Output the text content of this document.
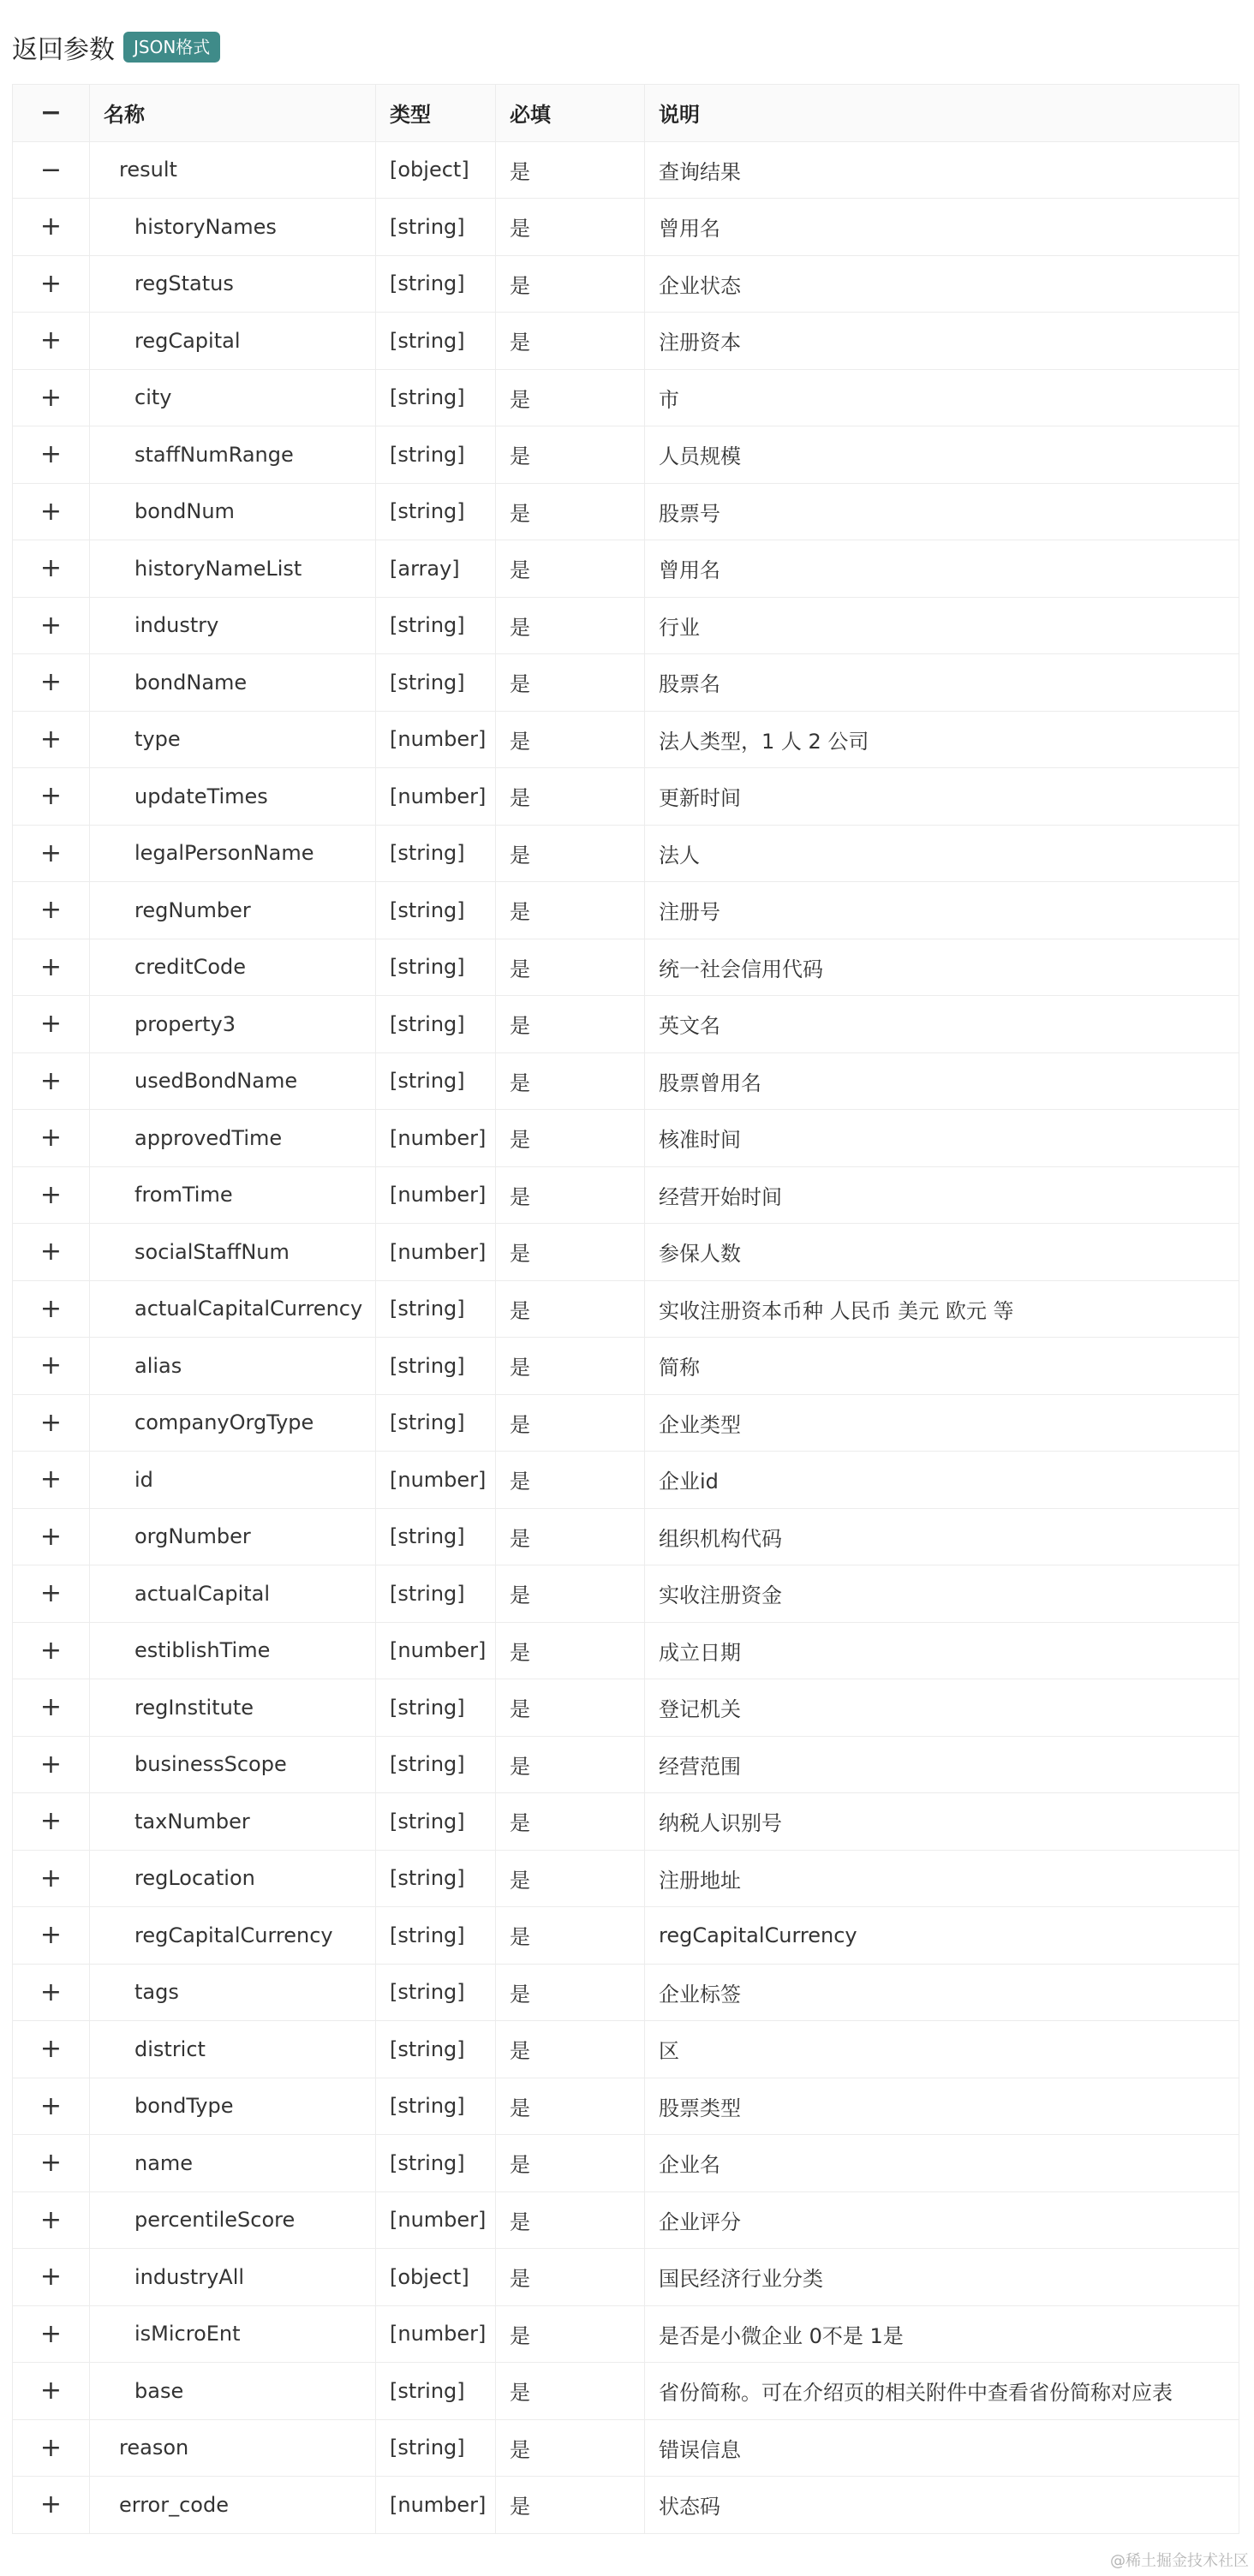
返回参数	JSON格式
−	名称	类型	必填	说明
−	result	[object]	是	查询结果
+	historyNames	[string]	是	曾用名
+	regStatus	[string]	是	企业状态
+	regCapital	[string]	是	注册资本
+	city	[string]	是	市
+	staffNumRange	[string]	是	人员规模
+	bondNum	[string]	是	股票号
+	historyNameList	[array]	是	曾用名
+	industry	[string]	是	行业
+	bondName	[string]	是	股票名
+	type	[number]	是	法人类型，1 人 2 公司
+	updateTimes	[number]	是	更新时间
+	legalPersonName	[string]	是	法人
+	regNumber	[string]	是	注册号
+	creditCode	[string]	是	统一社会信用代码
+	property3	[string]	是	英文名
+	usedBondName	[string]	是	股票曾用名
+	approvedTime	[number]	是	核准时间
+	fromTime	[number]	是	经营开始时间
+	socialStaffNum	[number]	是	参保人数
+	actualCapitalCurrency	[string]	是	实收注册资本币种 人民币 美元 欧元 等
+	alias	[string]	是	简称
+	companyOrgType	[string]	是	企业类型
+	id	[number]	是	企业id
+	orgNumber	[string]	是	组织机构代码
+	actualCapital	[string]	是	实收注册资金
+	estiblishTime	[number]	是	成立日期
+	regInstitute	[string]	是	登记机关
+	businessScope	[string]	是	经营范围
+	taxNumber	[string]	是	纳税人识别号
+	regLocation	[string]	是	注册地址
+	regCapitalCurrency	[string]	是	regCapitalCurrency
+	tags	[string]	是	企业标签
+	district	[string]	是	区
+	bondType	[string]	是	股票类型
+	name	[string]	是	企业名
+	percentileScore	[number]	是	企业评分
+	industryAll	[object]	是	国民经济行业分类
+	isMicroEnt	[number]	是	是否是小微企业 0不是 1是
+	base	[string]	是	省份简称。可在介绍页的相关附件中查看省份简称对应表
+	reason	[string]	是	错误信息
+	error_code	[number]	是	状态码
@稀土掘金技术社区
